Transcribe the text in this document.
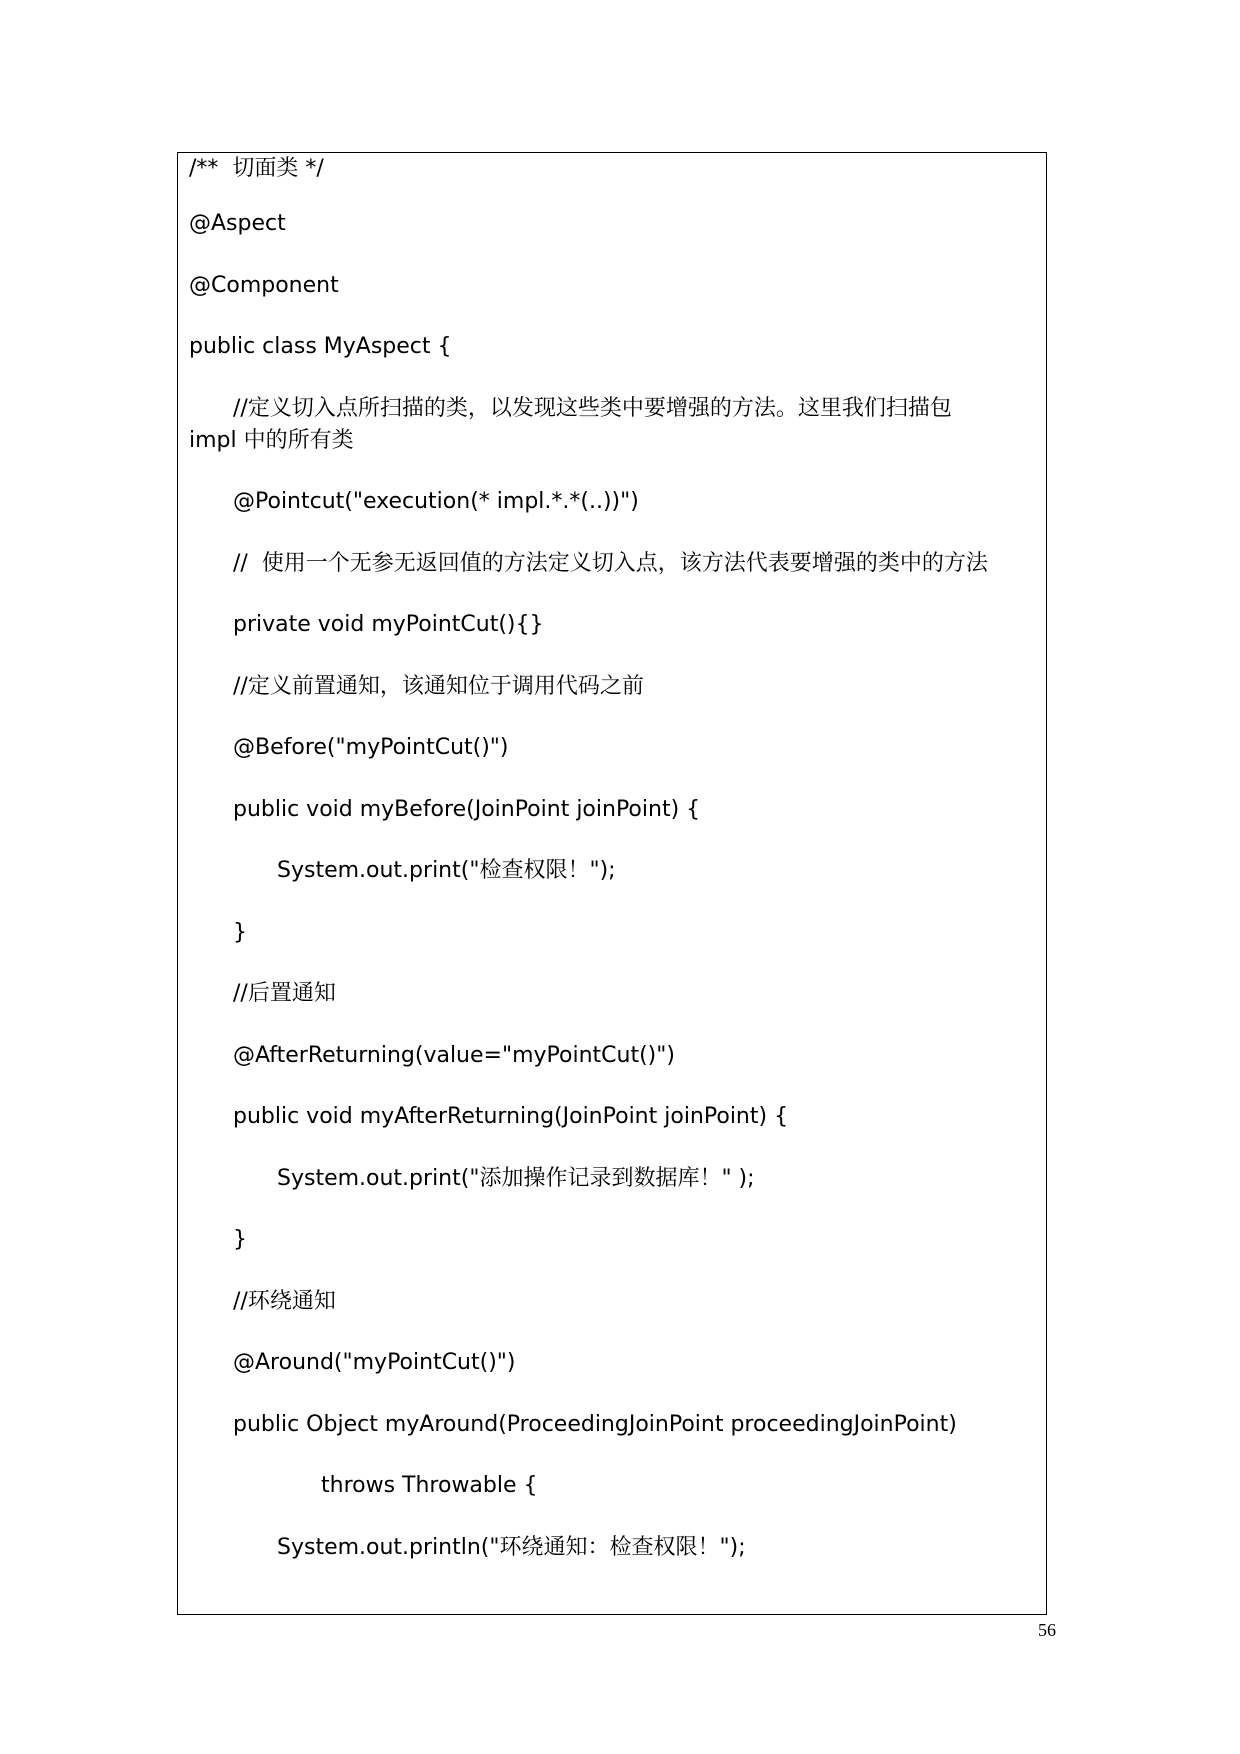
/**  切面类 */
@Aspect
@Component
public class MyAspect {
//定义切入点所扫描的类，以发现这些类中要增强的方法。这里我们扫描包
impl 中的所有类
@Pointcut("execution(* impl.*.*(..))")
//  使用一个无参无返回值的方法定义切入点，该方法代表要增强的类中的方法
private void myPointCut(){}
//定义前置通知，该通知位于调用代码之前
@Before("myPointCut()")
public void myBefore(JoinPoint joinPoint) {
System.out.print("检查权限！");
}
//后置通知
@AfterReturning(value="myPointCut()")
public void myAfterReturning(JoinPoint joinPoint) {
System.out.print("添加操作记录到数据库！" );
}
//环绕通知
@Around("myPointCut()")
public Object myAround(ProceedingJoinPoint proceedingJoinPoint)
throws Throwable {
System.out.println("环绕通知：检查权限！");
56
